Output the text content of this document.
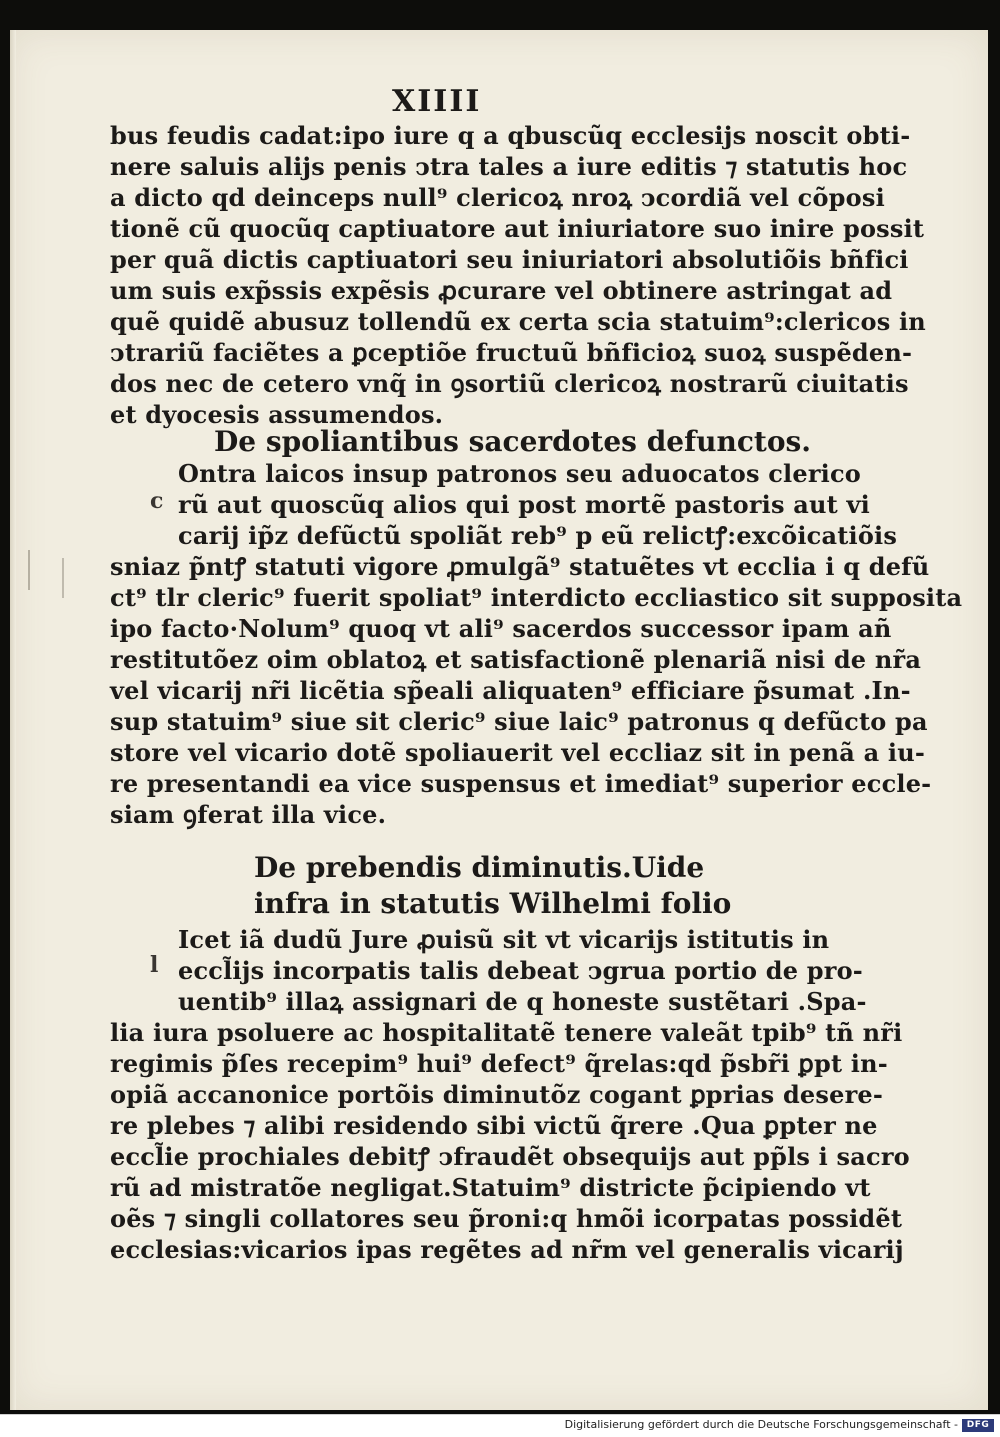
XIIII
bus feudis cadat:ipo iure q a qbuscũq ecclesijs noscit obti-
nere saluis alijs penis ↄtra tales a iure editis ⁊ statutis hoc
a dicto qd deinceps null⁹ clericoꝝ nroꝝ ↄcordiã vel cõposi
tionẽ cũ quocũq captiuatore aut iniuriatore suo inire possit
per quã dictis captiuatori seu iniuriatori absolutiõis bñfici
um suis exp̃ssis expẽsis ꝓcurare vel obtinere astringat ad
quẽ quidẽ abusuz tollendũ ex certa scia statuim⁹:clericos in
ↄtrariũ faciẽtes a ꝑceptiõe fructuũ bñficioꝝ suoꝝ suspẽden-
dos nec de cetero vnq̃ in ꝯsortiũ clericoꝝ nostrarũ ciuitatis
et dyocesis assumendos.
De spoliantibus sacerdotes defunctos.
c
Ontra laicos insup patronos seu aduocatos clerico
rũ aut quoscũq alios qui post mortẽ pastoris aut vi
carij ip̃z defũctũ spoliãt reb⁹ p eũ relictꝭ:excõicatiõis
sniaz p̃ntꝭ statuti vigore ꝓmulgã⁹ statuẽtes vt ecclia i q defũ
ct⁹ tlr cleric⁹ fuerit spoliat⁹ interdicto eccliastico sit supposita
ipo facto·Nolum⁹ quoq vt ali⁹ sacerdos successor ipam añ
restitutõez oim oblatoꝝ et satisfactionẽ plenariã nisi de nr̃a
vel vicarij nr̃i licẽtia sp̃eali aliquaten⁹ efficiare p̃sumat .In-
sup statuim⁹ siue sit cleric⁹ siue laic⁹ patronus q defũcto pa
store vel vicario dotẽ spoliauerit vel eccliaz sit in penã a iu-
re presentandi ea vice suspensus et imediat⁹ superior eccle-
siam ꝯferat illa vice.
De prebendis diminutis.Uide
infra in statutis Wilhelmi folio
l
Icet iã dudũ Jure ꝓuisũ sit vt vicarijs istitutis in
eccl̃ijs incorpatis talis debeat ↄgrua portio de pro-
uentib⁹ illaꝝ assignari de q honeste sustẽtari .Spa-
lia iura psoluere ac hospitalitatẽ tenere valeãt tpib⁹ tñ nr̃i
regimis p̃ſes recepim⁹ hui⁹ defect⁹ q̃relas:qd p̃sbr̃i ꝑpt in-
opiã accanonice portõis diminutõz cogant ꝑprias desere-
re plebes ⁊ alibi residendo sibi victũ q̃rere .Qua ꝑpter ne
eccl̃ie prochiales debitꝭ ↄfraudẽt obsequijs aut pp̃ls i sacro
rũ ad mistratõe negligat.Statuim⁹ districte p̃cipiendo vt
oẽs ⁊ singli collatores seu p̃roni:q hmõi icorpatas possidẽt
ecclesias:vicarios ipas regẽtes ad nr̃m vel generalis vicarij
Digitalisierung gefördert durch die Deutsche Forschungsgemeinschaft - DFG
